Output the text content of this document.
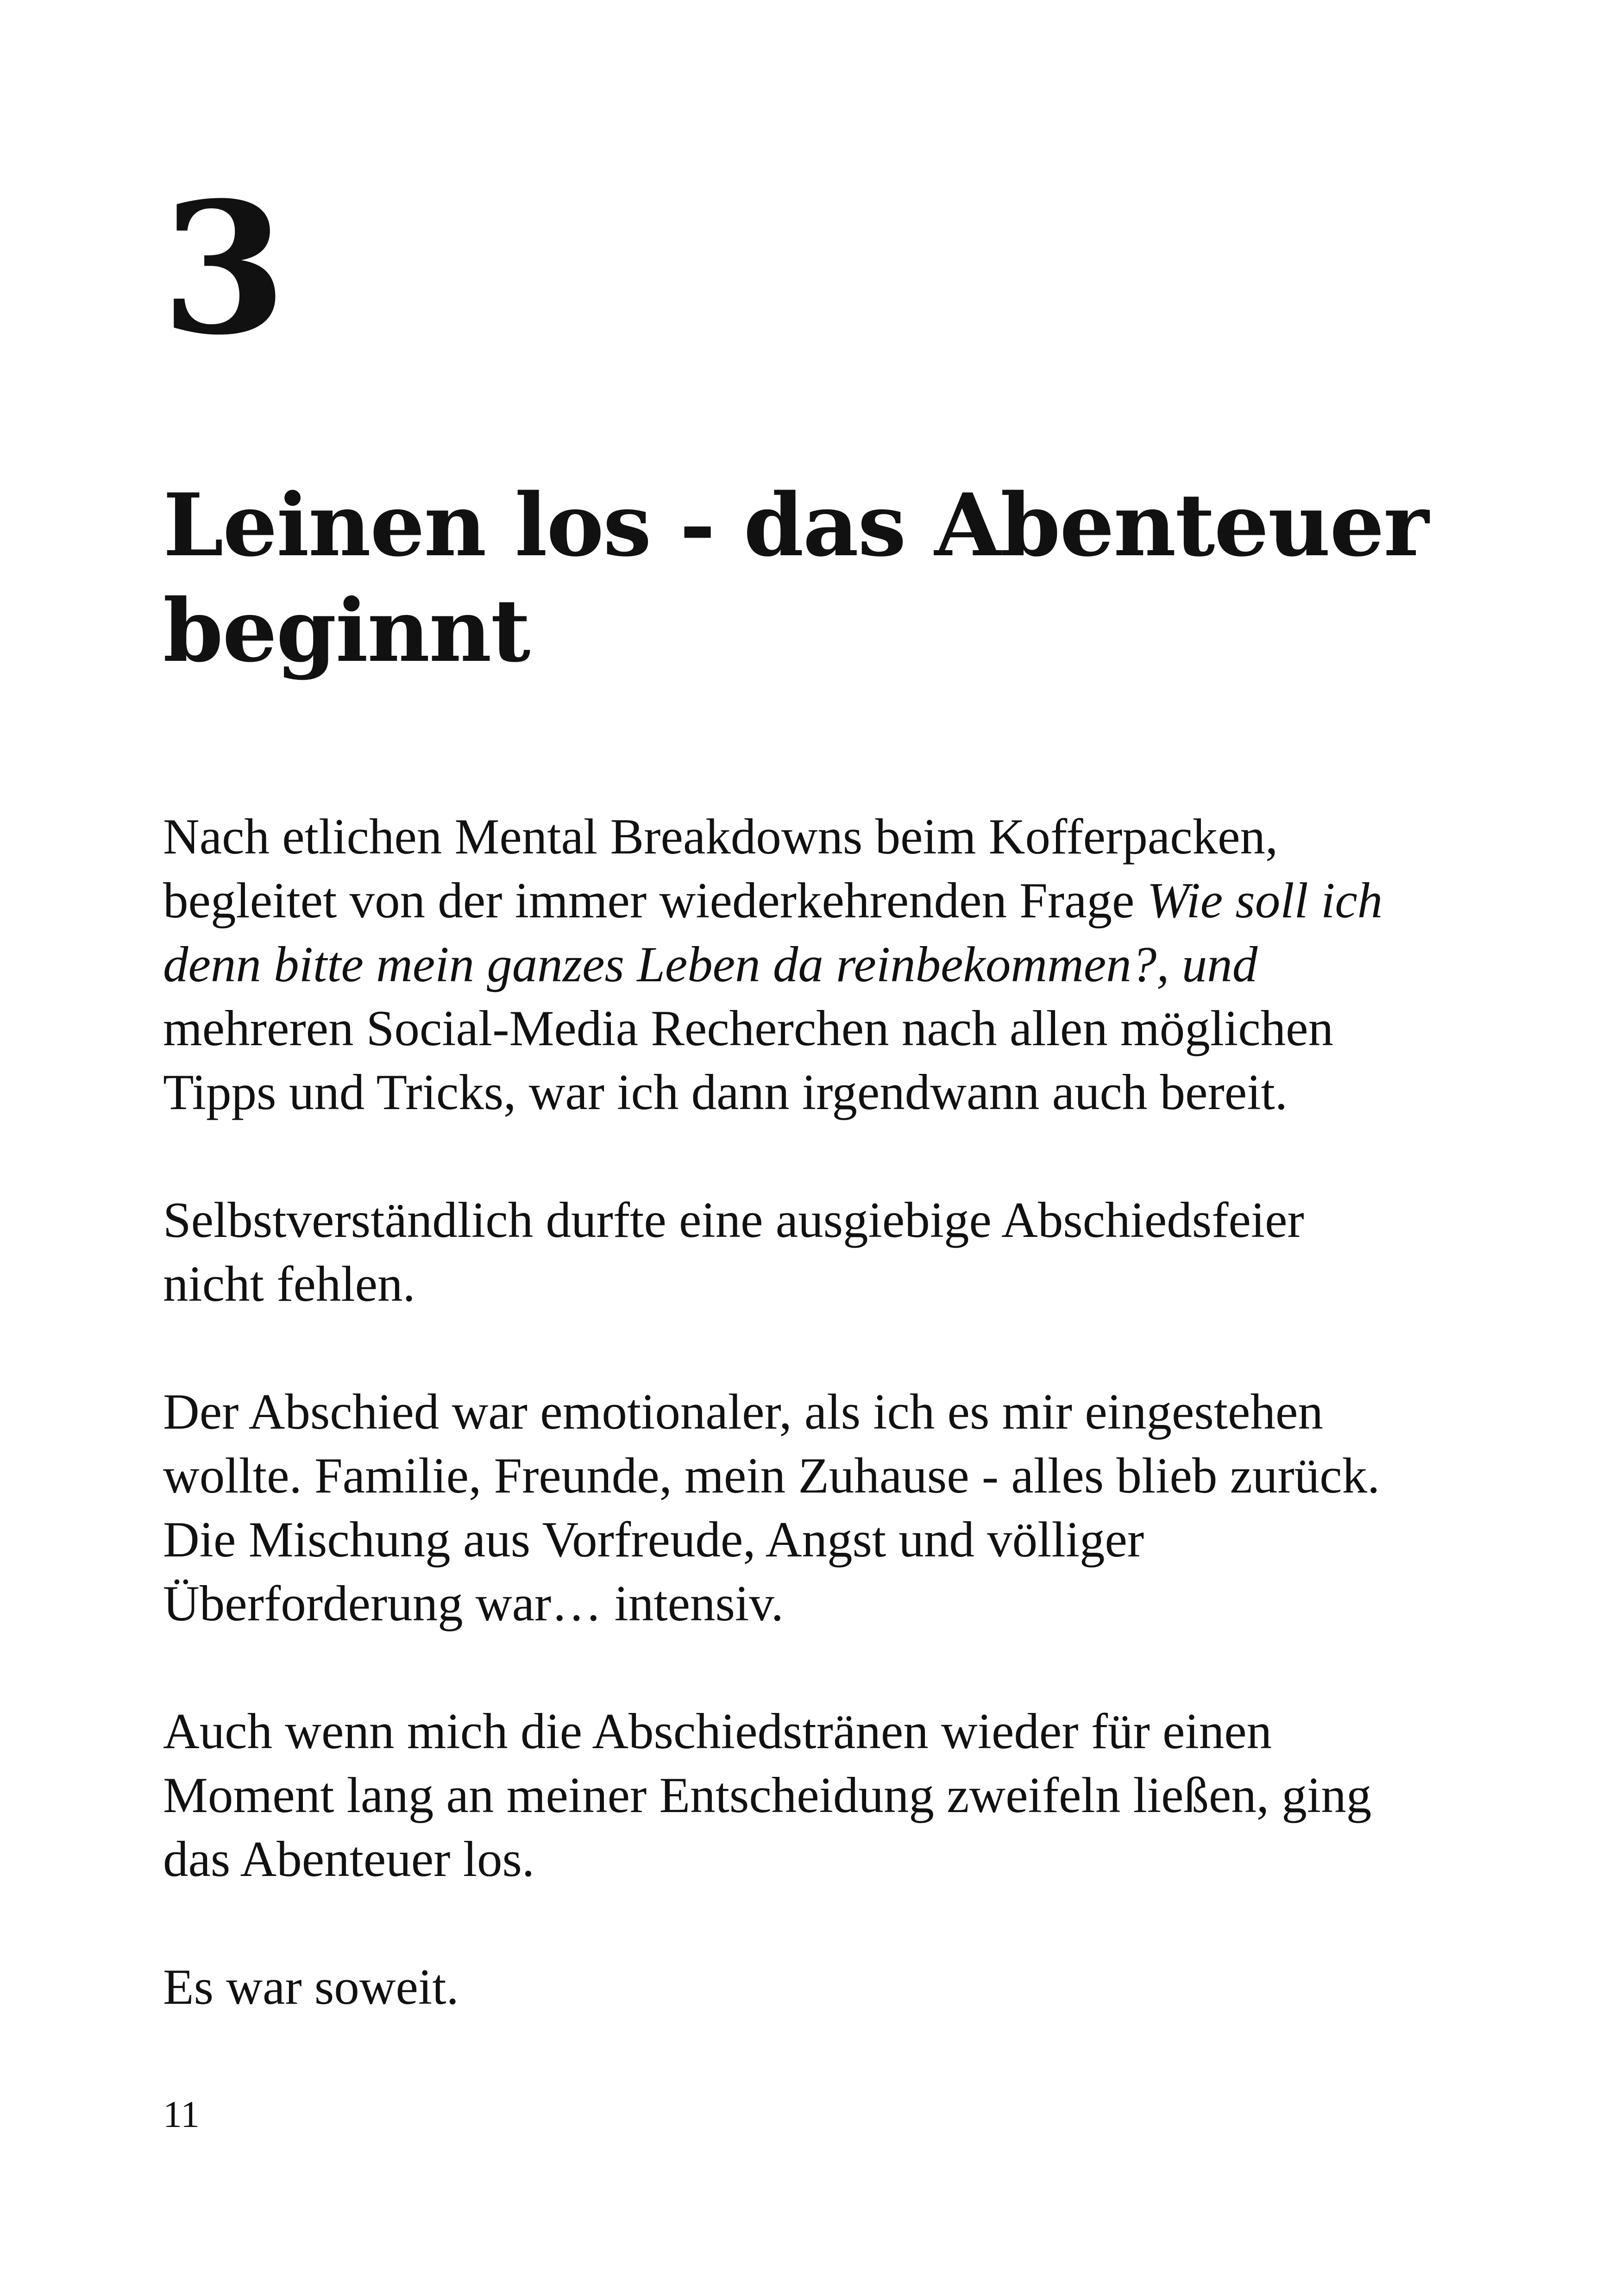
3
Leinen los - das Abenteuer
beginnt

Nach etlichen Mental Breakdowns beim Kofferpacken,
begleitet von der immer wiederkehrenden Frage Wie soll ich
denn bitte mein ganzes Leben da reinbekommen?, und
mehreren Social-Media Recherchen nach allen möglichen
Tipps und Tricks, war ich dann irgendwann auch bereit.

Selbstverständlich durfte eine ausgiebige Abschiedsfeier
nicht fehlen.

Der Abschied war emotionaler, als ich es mir eingestehen
wollte. Familie, Freunde, mein Zuhause - alles blieb zurück.
Die Mischung aus Vorfreude, Angst und völliger
Überforderung war… intensiv.

Auch wenn mich die Abschiedstränen wieder für einen
Moment lang an meiner Entscheidung zweifeln ließen, ging
das Abenteuer los.

Es war soweit.

11
